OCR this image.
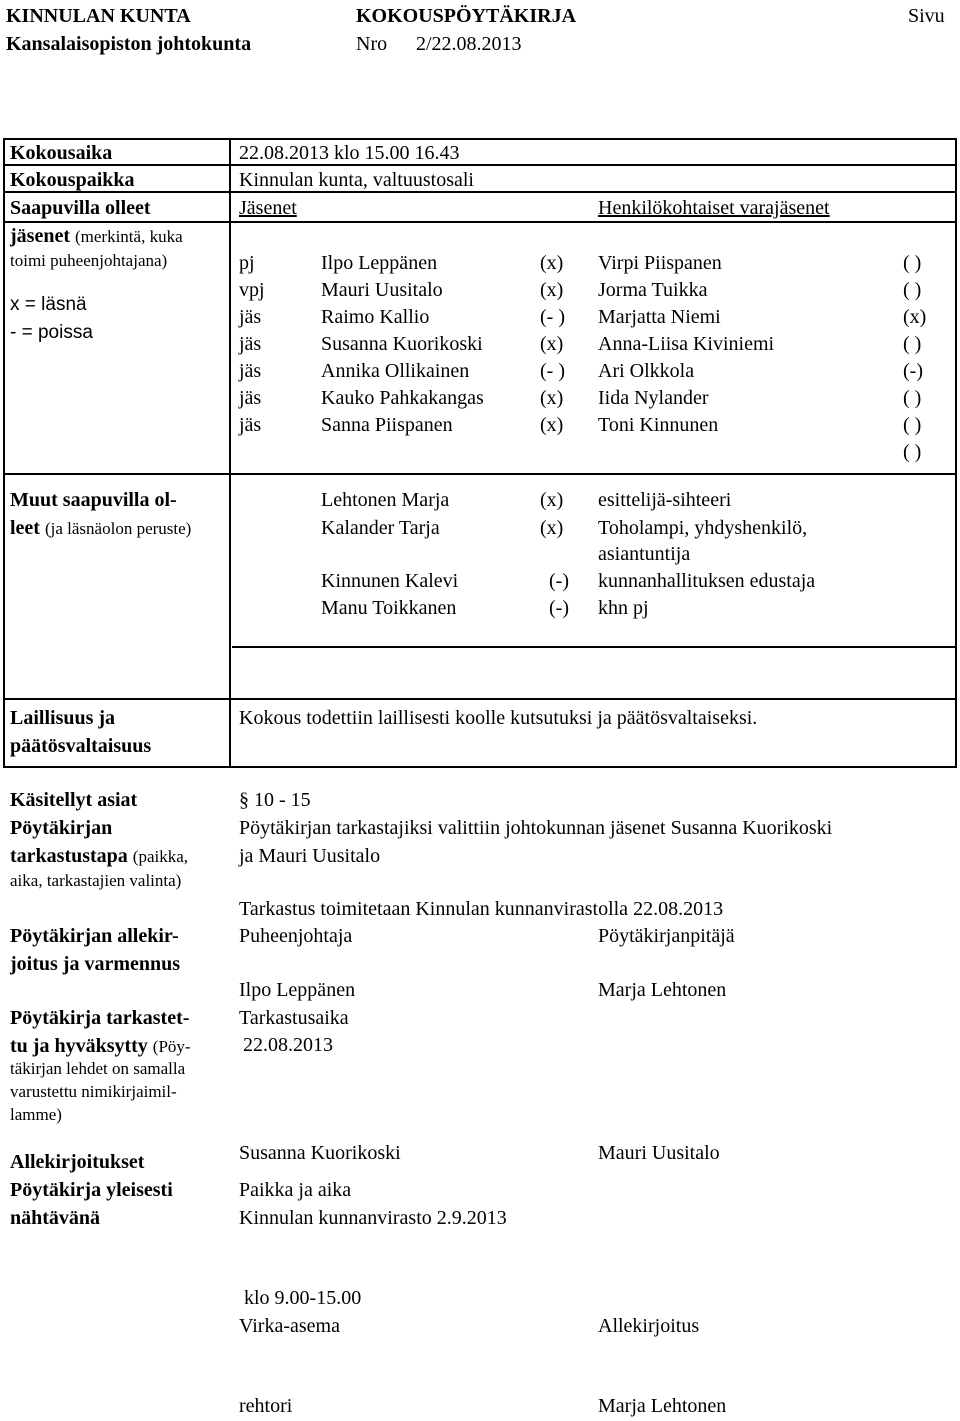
KINNULAN KUNTA	KOKOUSPÖYTÄKIRJA	Sivu
Kansalaisopiston johtokunta	Nro 2/22.08.2013
Kokousaika	22.08.2013 klo 15.00 16.43
Kokouspaikka	Kinnulan kunta, valtuustosali
Saapuvilla olleet
jäsenet (merkintä, kuka
toimi puheenjohtajana)
x = läsnä
- = poissa
Jäsenet	Henkilökohtaiset varajäsenet
pj	Ilpo Leppänen	(x) Virpi Piispanen	( )
vpj	Mauri Uusitalo	(x) Jorma Tuikka	( )
jäs	Raimo Kallio	(- ) Marjatta Niemi	(x)
jäs	Susanna Kuorikoski	(x) Anna-Liisa Kiviniemi	( )
jäs	Annika Ollikainen	(- ) Ari Olkkola	(-)
jäs	Kauko Pahkakangas	(x) Iida Nylander	( )
jäs	Sanna Piispanen	(x) Toni Kinnunen	( )
( )
Muut saapuvilla ol-
leet (ja läsnäolon peruste)
Lehtonen Marja	(x) esittelijä-sihteeri
Kalander Tarja	(x) Toholampi, yhdyshenkilö,
asiantuntija
Kinnunen Kalevi	(-) kunnanhallituksen edustaja
Manu Toikkanen	(-) khn pj
Laillisuus ja
päätösvaltaisuus
Kokous todettiin laillisesti koolle kutsutuksi ja päätösvaltaiseksi.
Käsitellyt asiat	§ 10 - 15
Pöytäkirjan
tarkastustapa (paikka,
aika, tarkastajien valinta)
Pöytäkirjan tarkastajiksi valittiin johtokunnan jäsenet Susanna Kuorikoski
ja Mauri Uusitalo
Tarkastus toimitetaan Kinnulan kunnanvirastolla 22.08.2013
Pöytäkirjan allekir-
joitus ja varmennus
Puheenjohtaja	Pöytäkirjanpitäjä
Ilpo Leppänen	Marja Lehtonen
Pöytäkirja tarkastet-
tu ja hyväksytty (Pöy-
täkirjan lehdet on samalla
varustettu nimikirjaimil-
lamme)
Tarkastusaika
22.08.2013
Allekirjoitukset	Susanna Kuorikoski	Mauri Uusitalo
Pöytäkirja yleisesti
nähtävänä
Paikka ja aika
Kinnulan kunnanvirasto 2.9.2013
klo 9.00-15.00
Virka-asema	Allekirjoitus
rehtori	Marja Lehtonen
